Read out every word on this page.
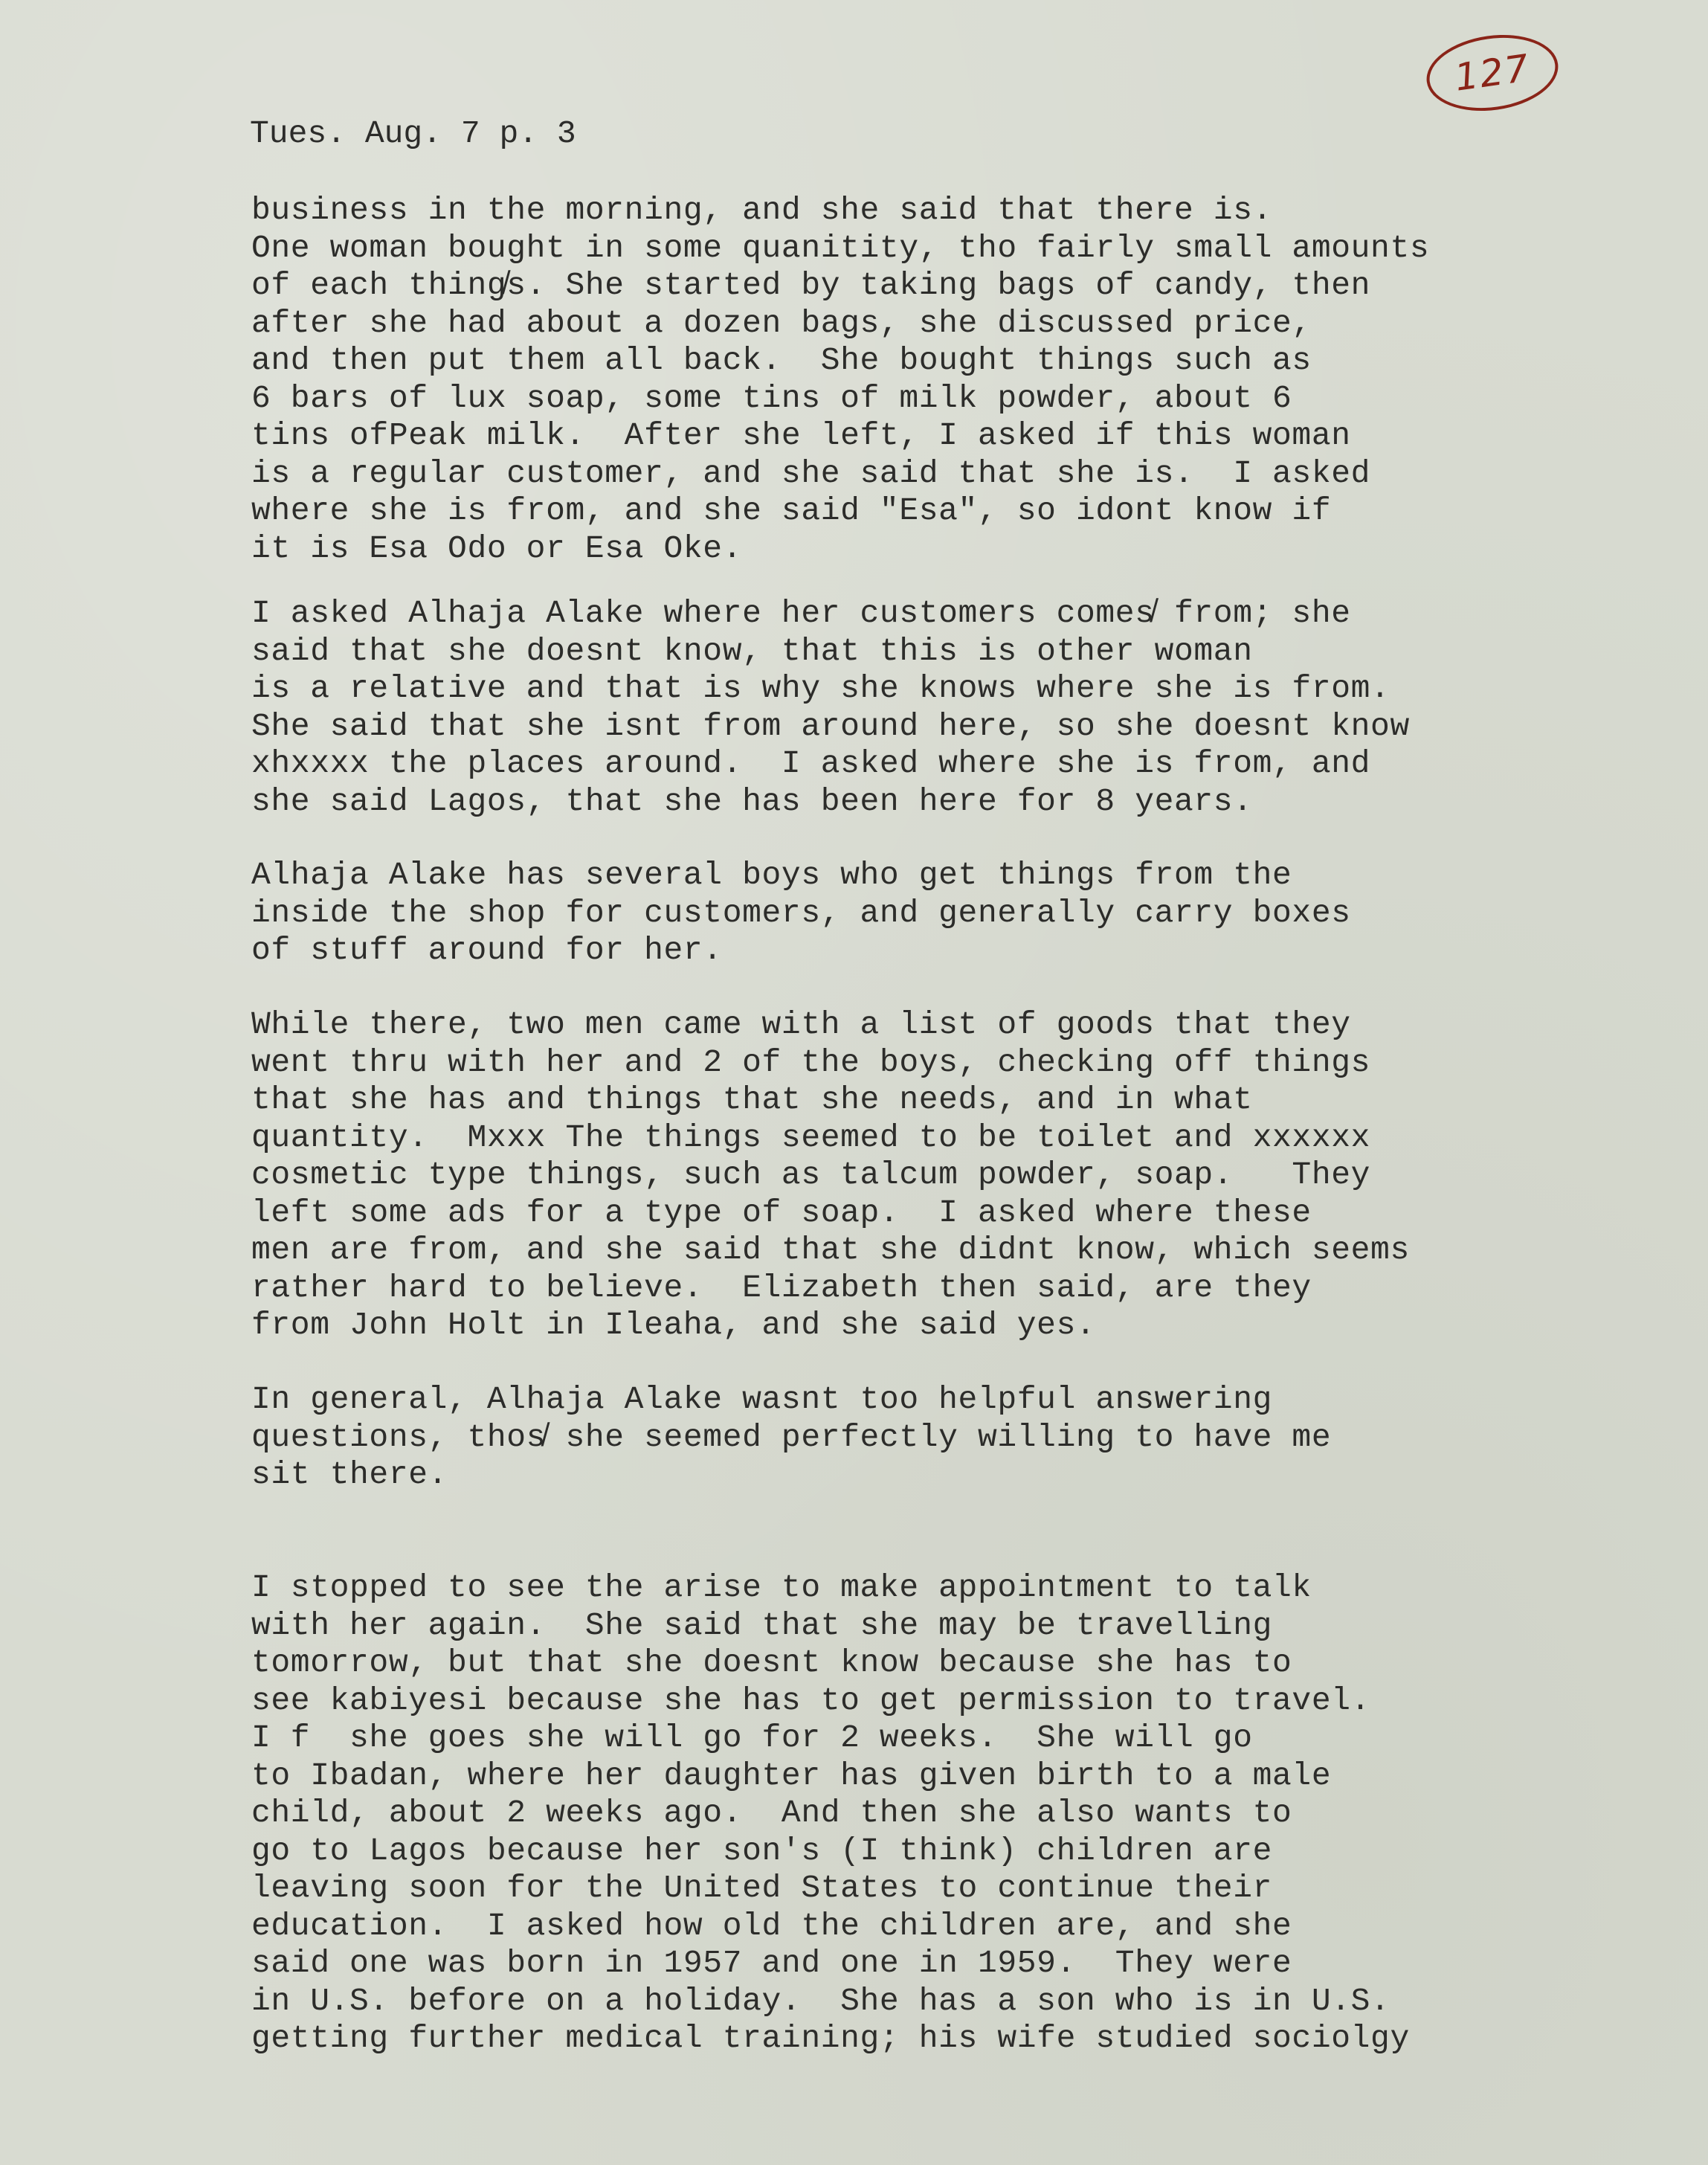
127

Tues. Aug. 7 p. 3

business in the morning, and she said that there is.
One woman bought in some quanitity, tho fairly small amounts
of each thing̸s. She started by taking bags of candy, then
after she had about a dozen bags, she discussed price,
and then put them all back.  She bought things such as
6 bars of lux soap, some tins of milk powder, about 6
tins ofPeak milk.  After she left, I asked if this woman
is a regular customer, and she said that she is.  I asked
where she is from, and she said "Esa", so idont know if
it is Esa Odo or Esa Oke.
I asked Alhaja Alake where her customers comes̸ from; she
said that she doesnt know, that this is other woman
is a relative and that is why she knows where she is from.
She said that she isnt from around here, so she doesnt know
xhxxxx the places around.  I asked where she is from, and
she said Lagos, that she has been here for 8 years.
Alhaja Alake has several boys who get things from the
inside the shop for customers, and generally carry boxes
of stuff around for her.
While there, two men came with a list of goods that they
went thru with her and 2 of the boys, checking off things
that she has and things that she needs, and in what
quantity.  Mxxx The things seemed to be toilet and xxxxxx
cosmetic type things, such as talcum powder, soap.   They
left some ads for a type of soap.  I asked where these
men are from, and she said that she didnt know, which seems
rather hard to believe.  Elizabeth then said, are they
from John Holt in Ileaha, and she said yes.
In general, Alhaja Alake wasnt too helpful answering
questions, thos̸ she seemed perfectly willing to have me
sit there.
I stopped to see the arise to make appointment to talk
with her again.  She said that she may be travelling
tomorrow, but that she doesnt know because she has to
see kabiyesi because she has to get permission to travel.
I f  she goes she will go for 2 weeks.  She will go
to Ibadan, where her daughter has given birth to a male
child, about 2 weeks ago.  And then she also wants to
go to Lagos because her son's (I think) children are
leaving soon for the United States to continue their
education.  I asked how old the children are, and she
said one was born in 1957 and one in 1959.  They were
in U.S. before on a holiday.  She has a son who is in U.S.
getting further medical training; his wife studied sociolgy
